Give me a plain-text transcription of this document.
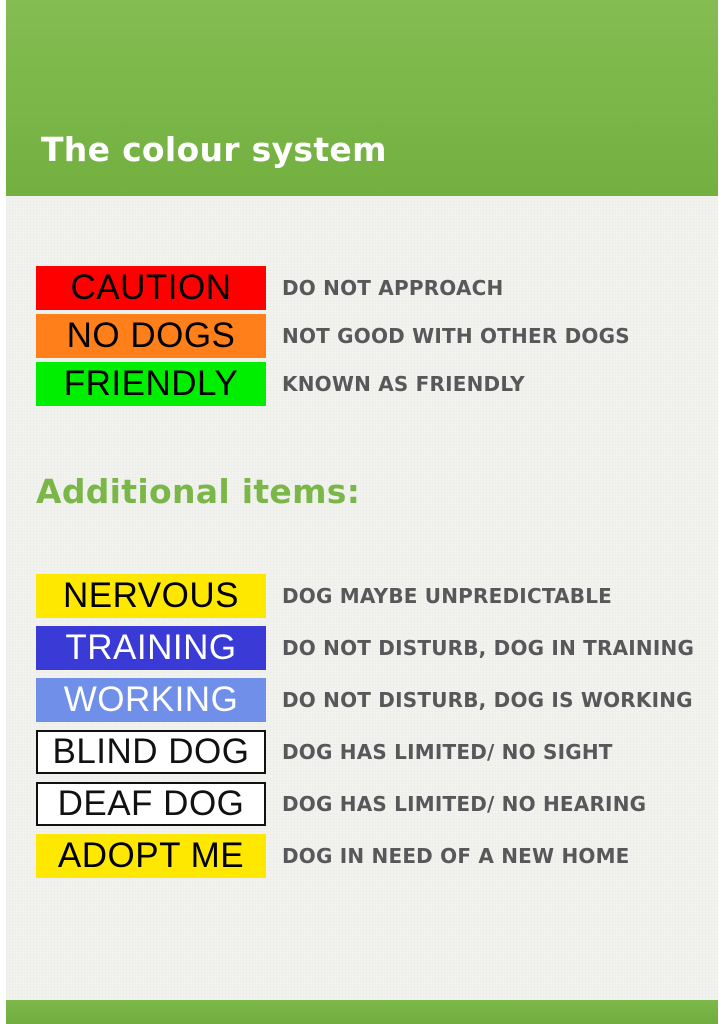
The colour system
CAUTION	DO NOT APPROACH
NO DOGS	NOT GOOD WITH OTHER DOGS
FRIENDLY	KNOWN AS FRIENDLY
Additional items:
NERVOUS	DOG MAYBE UNPREDICTABLE
TRAINING	DO NOT DISTURB, DOG IN TRAINING
WORKING	DO NOT DISTURB, DOG IS WORKING
BLIND DOG	DOG HAS LIMITED/ NO SIGHT
DEAF DOG	DOG HAS LIMITED/ NO HEARING
ADOPT ME	DOG IN NEED OF A NEW HOME
